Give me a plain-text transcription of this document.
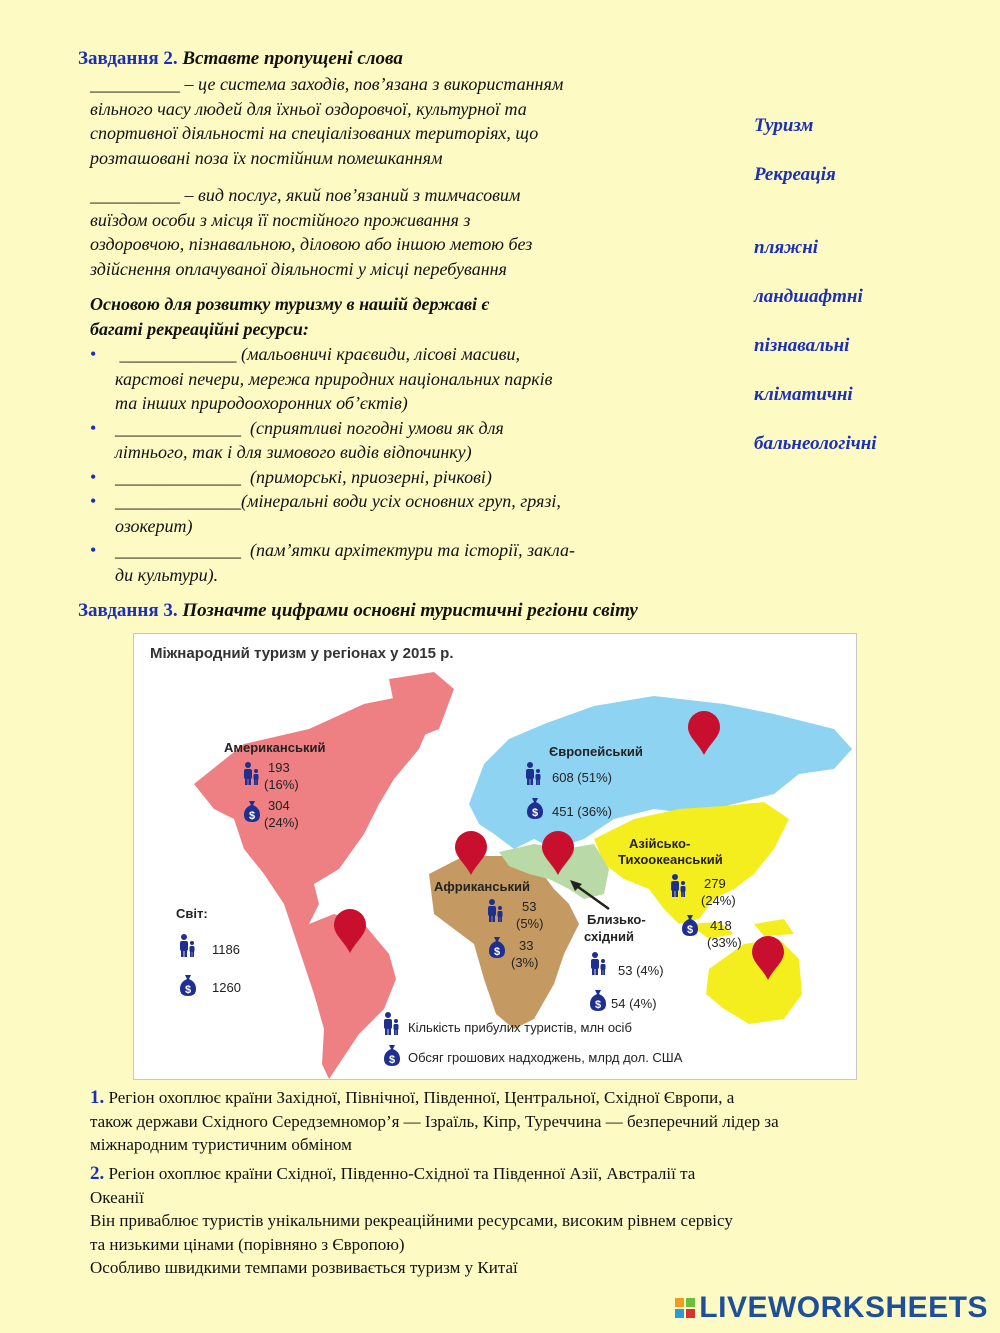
Завдання 2. Вставте пропущені слова
__________ – це система заходів, пов’язана з використанням
вільного часу людей для їхньої оздоровчої, культурної та
спортивної діяльності на спеціалізованих територіях, що
розташовані поза їх постійним помешканням
__________ – вид послуг, який пов’язаний з тимчасовим
виїздом особи з місця її постійного проживання з
оздоровчою, пізнавальною, діловою або іншою метою без
здійснення оплачуваної діяльності у місці перебування
Основою для розвитку туризму в нашій державі є
багаті рекреаційні ресурси:
• _____________ (мальовничі краєвиди, лісові масиви,
карстові печери, мережа природних національних парків
та інших природоохоронних об’єктів)
• ______________ (сприятливі погодні умови як для
літнього, так і для зимового видів відпочинку)
• ______________ (приморські, приозерні, річкові)
• ______________(мінеральні води усіх основних груп, грязі,
озокерит)
• ______________ (пам’ятки архітектури та історії, закла-
ди культури).
Туризм
Рекреація
пляжні
ландшафтні
пізнавальні
кліматичні
бальнеологічні
Завдання 3. Позначте цифрами основні туристичні регіони світу
$ Міжнародний туризм у регіонах у 2015 р.
Американський
193
(16%)
304
(24%)
Європейський
608 (51%)
451 (36%)
Азійсько-
Тихоокеанський
279
(24%)
418
(33%)
Африканський
53
(5%)
33
(3%)
Близько-
східний
53 (4%)
54 (4%)
Світ:
1186
1260
Кількість прибулих туристів, млн осіб
Обсяг грошових надходжень, млрд дол. США
1. Регіон охоплює країни Західної, Північної, Південної, Центральної, Східної Європи, а
також держави Східного Середземномор’я — Ізраїль, Кіпр, Туреччина — безперечний лідер за
міжнародним туристичним обміном
2. Регіон охоплює країни Східної, Південно-Східної та Південної Азії, Австралії та
Океанії
Він приваблює туристів унікальними рекреаційними ресурсами, високим рівнем сервісу
та низькими цінами (порівняно з Європою)
Особливо швидкими темпами розвивається туризм у Китаї
LIVEWORKSHEETS
